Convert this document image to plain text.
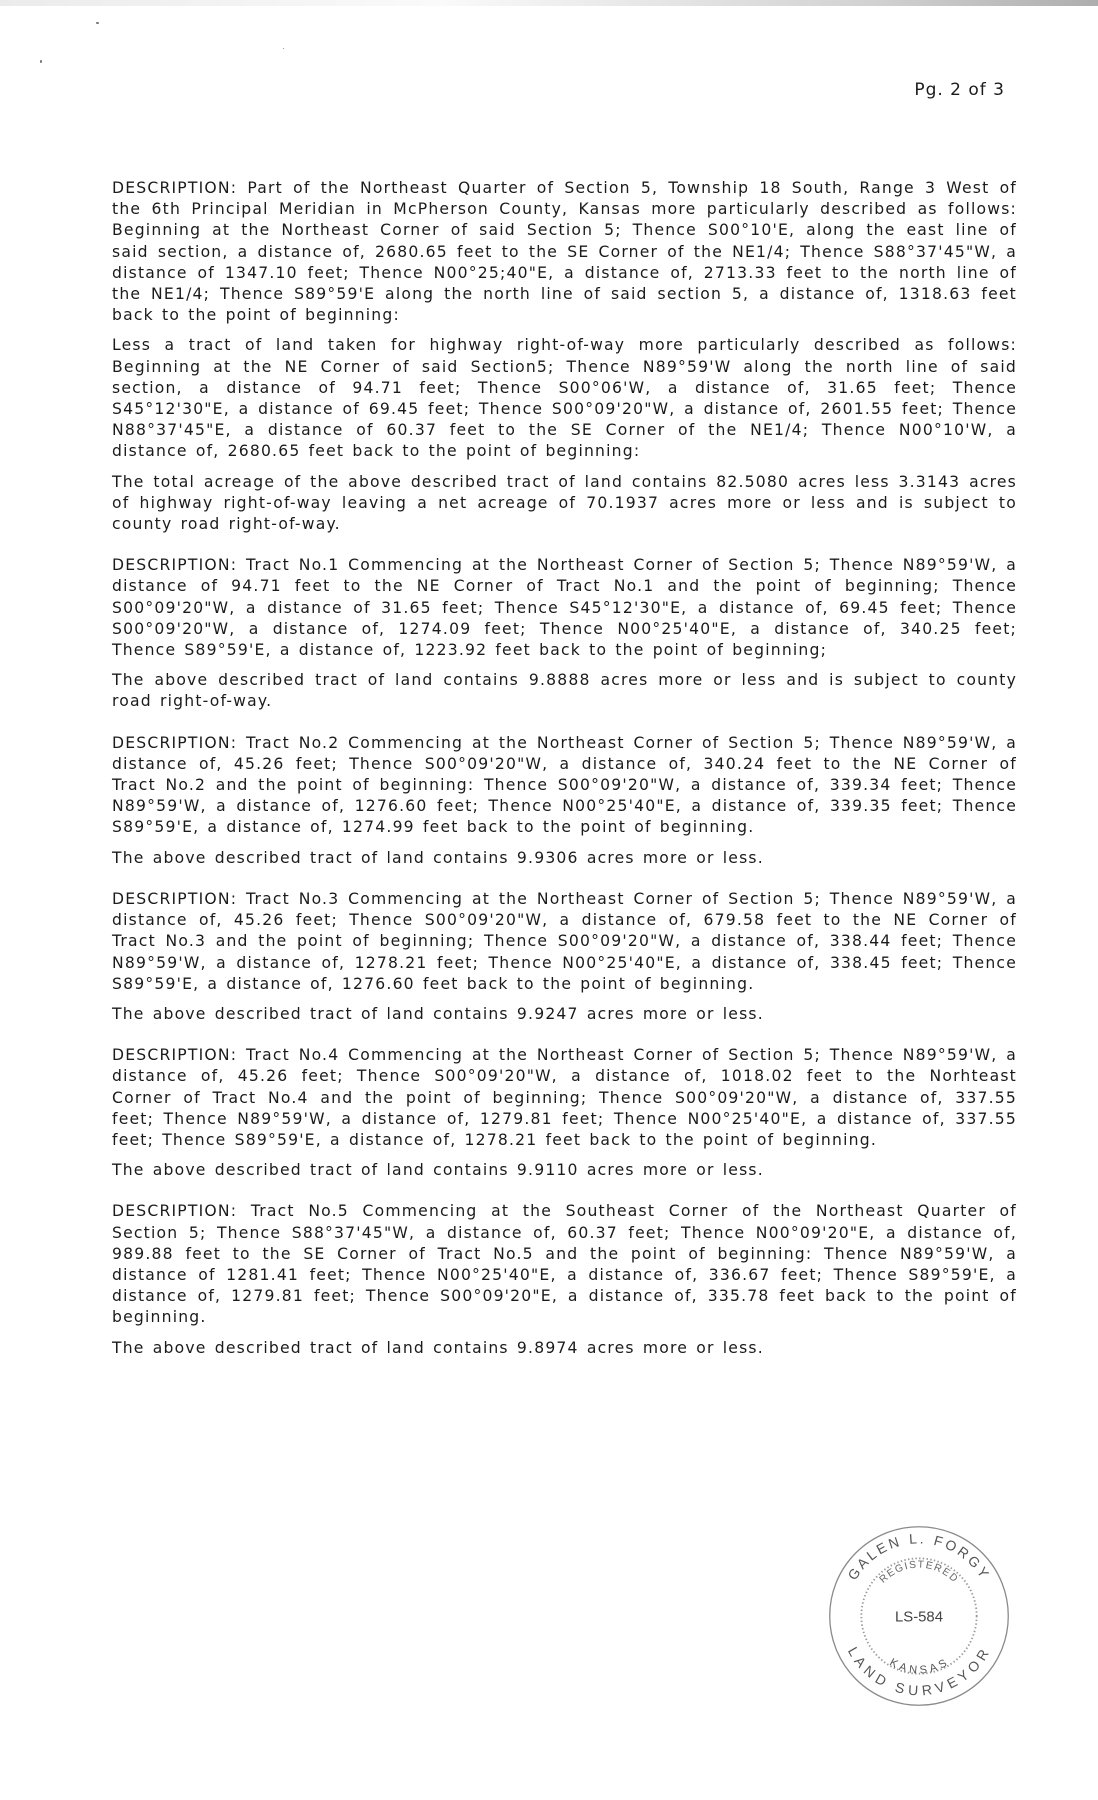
Pg. 2 of 3

DESCRIPTION: Part of the Northeast Quarter of Section 5, Township 18 South, Range 3 West of the 6th Principal Meridian in McPherson County, Kansas more particularly described as follows: Beginning at the Northeast Corner of said Section 5; Thence S00°10'E, along the east line of said section, a distance of, 2680.65 feet to the SE Corner of the NE1/4; Thence S88°37'45"W, a distance of 1347.10 feet; Thence N00°25;40"E, a distance of, 2713.33 feet to the north line of the NE1/4; Thence S89°59'E along the north line of said section 5, a distance of, 1318.63 feet back to the point of beginning:

Less a tract of land taken for highway right-of-way more particularly described as follows: Beginning at the NE Corner of said Section5; Thence N89°59'W along the north line of said section, a distance of 94.71 feet; Thence S00°06'W, a distance of, 31.65 feet; Thence S45°12'30"E, a distance of 69.45 feet; Thence S00°09'20"W, a distance of, 2601.55 feet; Thence N88°37'45"E, a distance of 60.37 feet to the SE Corner of the NE1/4; Thence N00°10'W, a distance of, 2680.65 feet back to the point of beginning:

The total acreage of the above described tract of land contains 82.5080 acres less 3.3143 acres of highway right-of-way leaving a net acreage of 70.1937 acres more or less and is subject to county road right-of-way.

DESCRIPTION: Tract No.1 Commencing at the Northeast Corner of Section 5; Thence N89°59'W, a distance of 94.71 feet to the NE Corner of Tract No.1 and the point of beginning; Thence S00°09'20"W, a distance of 31.65 feet; Thence S45°12'30"E, a distance of, 69.45 feet; Thence S00°09'20"W, a distance of, 1274.09 feet; Thence N00°25'40"E, a distance of, 340.25 feet; Thence S89°59'E, a distance of, 1223.92 feet back to the point of beginning;

The above described tract of land contains 9.8888 acres more or less and is subject to county road right-of-way.

DESCRIPTION: Tract No.2 Commencing at the Northeast Corner of Section 5; Thence N89°59'W, a distance of, 45.26 feet; Thence S00°09'20"W, a distance of, 340.24 feet to the NE Corner of Tract No.2 and the point of beginning: Thence S00°09'20"W, a distance of, 339.34 feet; Thence N89°59'W, a distance of, 1276.60 feet; Thence N00°25'40"E, a distance of, 339.35 feet; Thence S89°59'E, a distance of, 1274.99 feet back to the point of beginning.

The above described tract of land contains 9.9306 acres more or less.

DESCRIPTION: Tract No.3 Commencing at the Northeast Corner of Section 5; Thence N89°59'W, a distance of, 45.26 feet; Thence S00°09'20"W, a distance of, 679.58 feet to the NE Corner of Tract No.3 and the point of beginning; Thence S00°09'20"W, a distance of, 338.44 feet; Thence N89°59'W, a distance of, 1278.21 feet; Thence N00°25'40"E, a distance of, 338.45 feet; Thence S89°59'E, a distance of, 1276.60 feet back to the point of beginning.

The above described tract of land contains 9.9247 acres more or less.

DESCRIPTION: Tract No.4 Commencing at the Northeast Corner of Section 5; Thence N89°59'W, a distance of, 45.26 feet; Thence S00°09'20"W, a distance of, 1018.02 feet to the Norhteast Corner of Tract No.4 and the point of beginning; Thence S00°09'20"W, a distance of, 337.55 feet; Thence N89°59'W, a distance of, 1279.81 feet; Thence N00°25'40"E, a distance of, 337.55 feet; Thence S89°59'E, a distance of, 1278.21 feet back to the point of beginning.

The above described tract of land contains 9.9110 acres more or less.

DESCRIPTION: Tract No.5 Commencing at the Southeast Corner of the Northeast Quarter of Section 5; Thence S88°37'45"W, a distance of, 60.37 feet; Thence N00°09'20"E, a distance of, 989.88 feet to the SE Corner of Tract No.5 and the point of beginning: Thence N89°59'W, a distance of 1281.41 feet; Thence N00°25'40"E, a distance of, 336.67 feet; Thence S89°59'E, a distance of, 1279.81 feet; Thence S00°09'20"E, a distance of, 335.78 feet back to the point of beginning.

The above described tract of land contains 9.8974 acres more or less.

GALEN L. FORGY
LAND SURVEYOR
REGISTERED
KANSAS
LS-584
